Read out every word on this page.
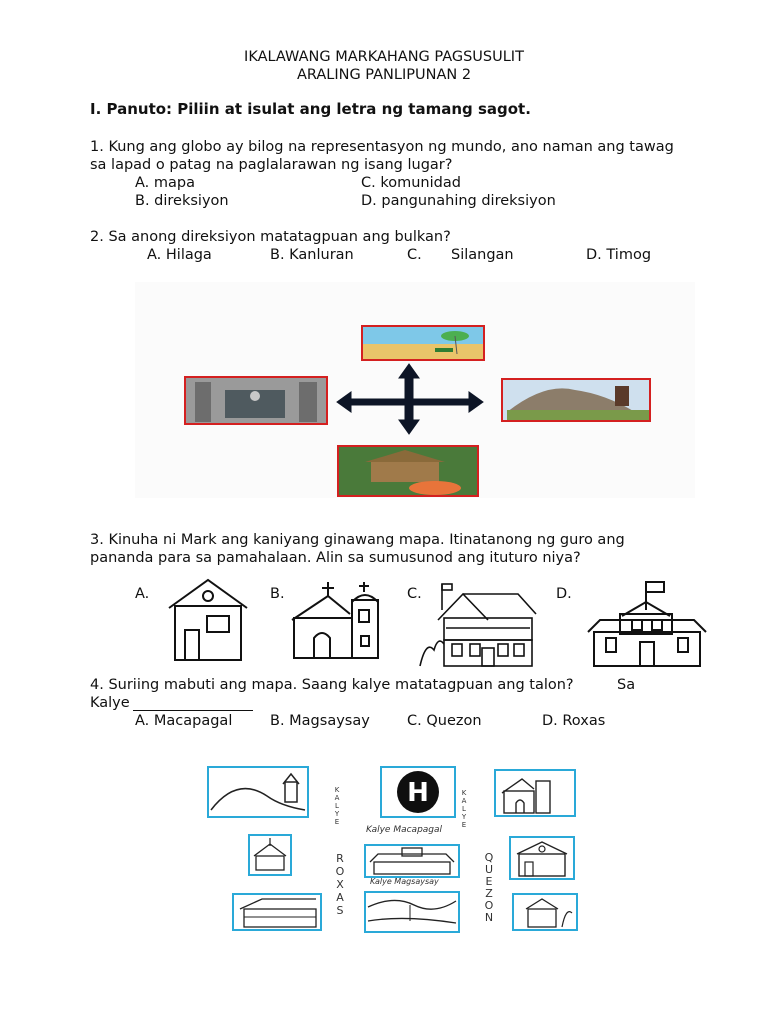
IKALAWANG MARKAHANG PAGSUSULIT
ARALING PANLIPUNAN 2
I. Panuto: Piliin at isulat ang letra ng tamang sagot.
1. Kung ang globo ay bilog na representasyon ng mundo, ano naman ang tawag
sa lapad o patag na paglalarawan ng isang lugar?
A. mapa	C. komunidad
B. direksiyon	D. pangunahing direksiyon
2. Sa anong direksiyon matatagpuan ang bulkan?
A. Hilaga	B. Kanluran	C. Silangan	D. Timog
3. Kinuha ni Mark ang kaniyang ginawang mapa. Itinatanong ng guro ang
pananda para sa pamahalaan. Alin sa sumusunod ang ituturo niya?
A.	B.	C.	D.
4. Suriing mabuti ang mapa. Saang kalye matatagpuan ang talon?	Sa
Kalye
A. Macapagal	B. Magsaysay	C. Quezon	D. Roxas
H
K
A
L
Y
E
K
A
L
Y
E
Kalye Macapagal
Kalye Magsaysay
R
O
X
A
S
Q
U
E
Z
O
N
